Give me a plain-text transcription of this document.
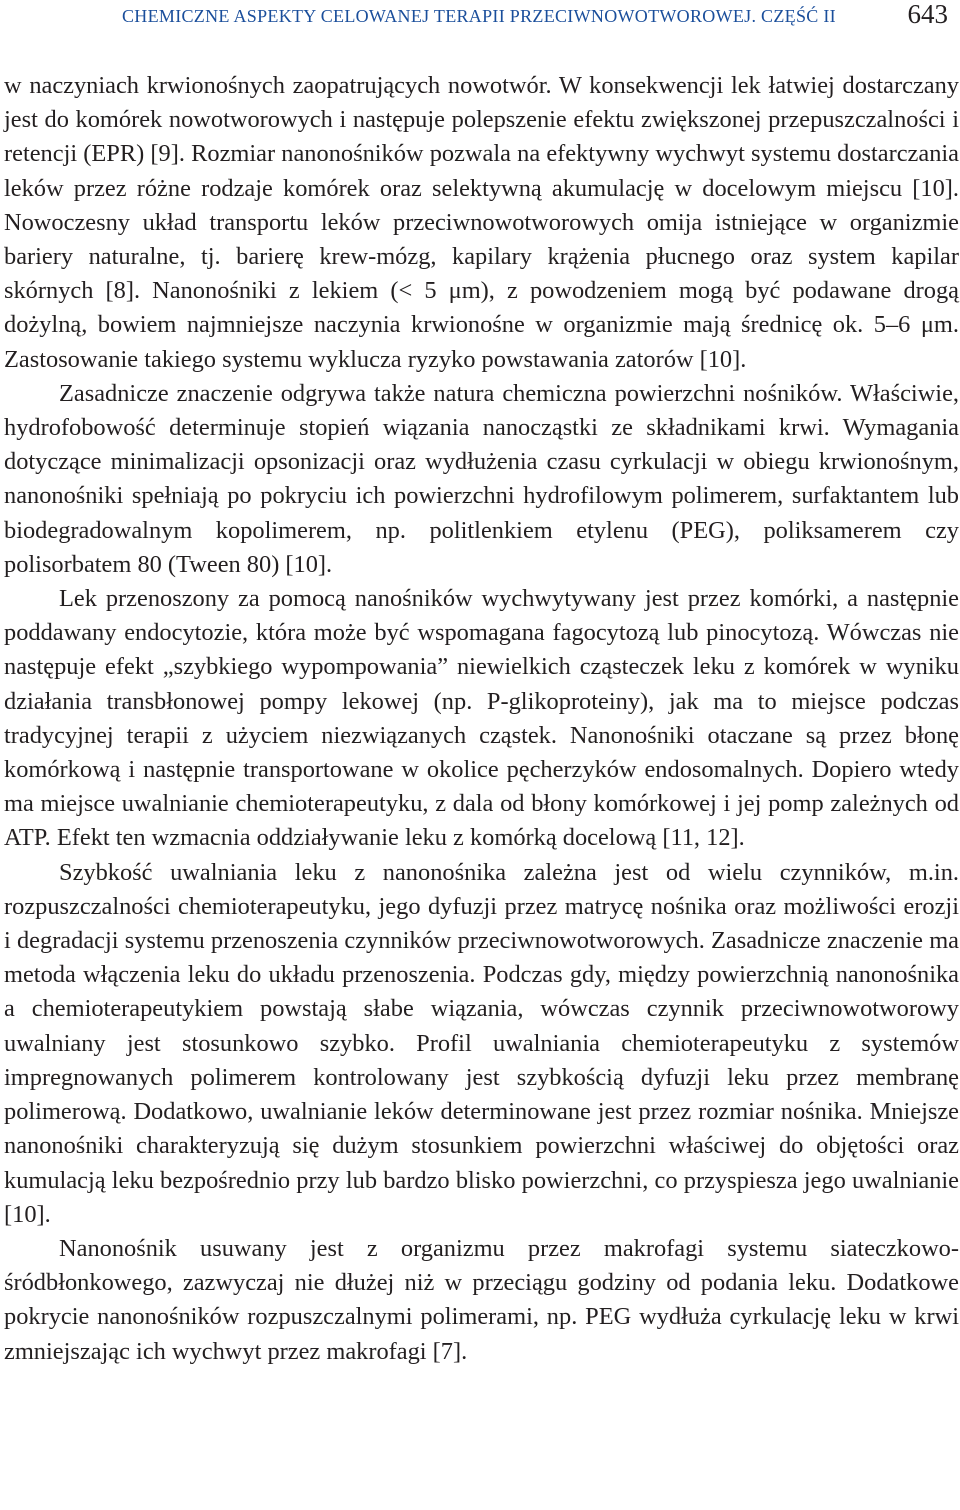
CHEMICZNE ASPEKTY CELOWANEJ TERAPII PRZECIWNOWOTWOROWEJ. CZĘŚĆ II	643

w naczyniach krwionośnych zaopatrujących nowotwór. W konsekwencji lek łatwiej dostarczany jest do komórek nowotworowych i następuje polepszenie efektu zwiększonej przepuszczalności i retencji (EPR) [9]. Rozmiar nanonośników pozwala na efektywny wychwyt systemu dostarczania leków przez różne rodzaje komórek oraz selektywną akumulację w docelowym miejscu [10]. Nowoczesny układ transportu leków przeciwnowotworowych omija istniejące w organizmie bariery naturalne, tj. barierę krew-mózg, kapilary krążenia płucnego oraz system kapilar skórnych [8]. Nanonośniki z lekiem (< 5 μm), z powodzeniem mogą być podawane drogą dożylną, bowiem najmniejsze naczynia krwionośne w organizmie mają średnicę ok. 5–6 μm. Zastosowanie takiego systemu wyklucza ryzyko powstawania zatorów [10].

Zasadnicze znaczenie odgrywa także natura chemiczna powierzchni nośników. Właściwie, hydrofobowość determinuje stopień wiązania nanocząstki ze składnikami krwi. Wymagania dotyczące minimalizacji opsonizacji oraz wydłużenia czasu cyrkulacji w obiegu krwionośnym, nanonośniki spełniają po pokryciu ich powierzchni hydrofilowym polimerem, surfaktantem lub biodegradowalnym kopolimerem, np. politlenkiem etylenu (PEG), poliksamerem czy polisorbatem 80 (Tween 80) [10].

Lek przenoszony za pomocą nanośników wychwytywany jest przez komórki, a następnie poddawany endocytozie, która może być wspomagana fagocytozą lub pinocytozą. Wówczas nie następuje efekt „szybkiego wypompowania” niewielkich cząsteczek leku z komórek w wyniku działania transbłonowej pompy lekowej (np. P-glikoproteiny), jak ma to miejsce podczas tradycyjnej terapii z użyciem niezwiązanych cząstek. Nanonośniki otaczane są przez błonę komórkową i następnie transportowane w okolice pęcherzyków endosomalnych. Dopiero wtedy ma miejsce uwalnianie chemioterapeutyku, z dala od błony komórkowej i jej pomp zależnych od ATP. Efekt ten wzmacnia oddziaływanie leku z komórką docelową [11, 12].

Szybkość uwalniania leku z nanonośnika zależna jest od wielu czynników, m.in. rozpuszczalności chemioterapeutyku, jego dyfuzji przez matrycę nośnika oraz możliwości erozji i degradacji systemu przenoszenia czynników przeciwnowotworowych. Zasadnicze znaczenie ma metoda włączenia leku do układu przenoszenia. Podczas gdy, między powierzchnią nanonośnika a chemioterapeutykiem powstają słabe wiązania, wówczas czynnik przeciwnowotworowy uwalniany jest stosunkowo szybko. Profil uwalniania chemioterapeutyku z systemów impregnowanych polimerem kontrolowany jest szybkością dyfuzji leku przez membranę polimerową. Dodatkowo, uwalnianie leków determinowane jest przez rozmiar nośnika. Mniejsze nanonośniki charakteryzują się dużym stosunkiem powierzchni właściwej do objętości oraz kumulacją leku bezpośrednio przy lub bardzo blisko powierzchni, co przyspiesza jego uwalnianie [10].

Nanonośnik usuwany jest z organizmu przez makrofagi systemu siateczkowo-śródbłonkowego, zazwyczaj nie dłużej niż w przeciągu godziny od podania leku. Dodatkowe pokrycie nanonośników rozpuszczalnymi polimerami, np. PEG wydłuża cyrkulację leku w krwi zmniejszając ich wychwyt przez makrofagi [7].
